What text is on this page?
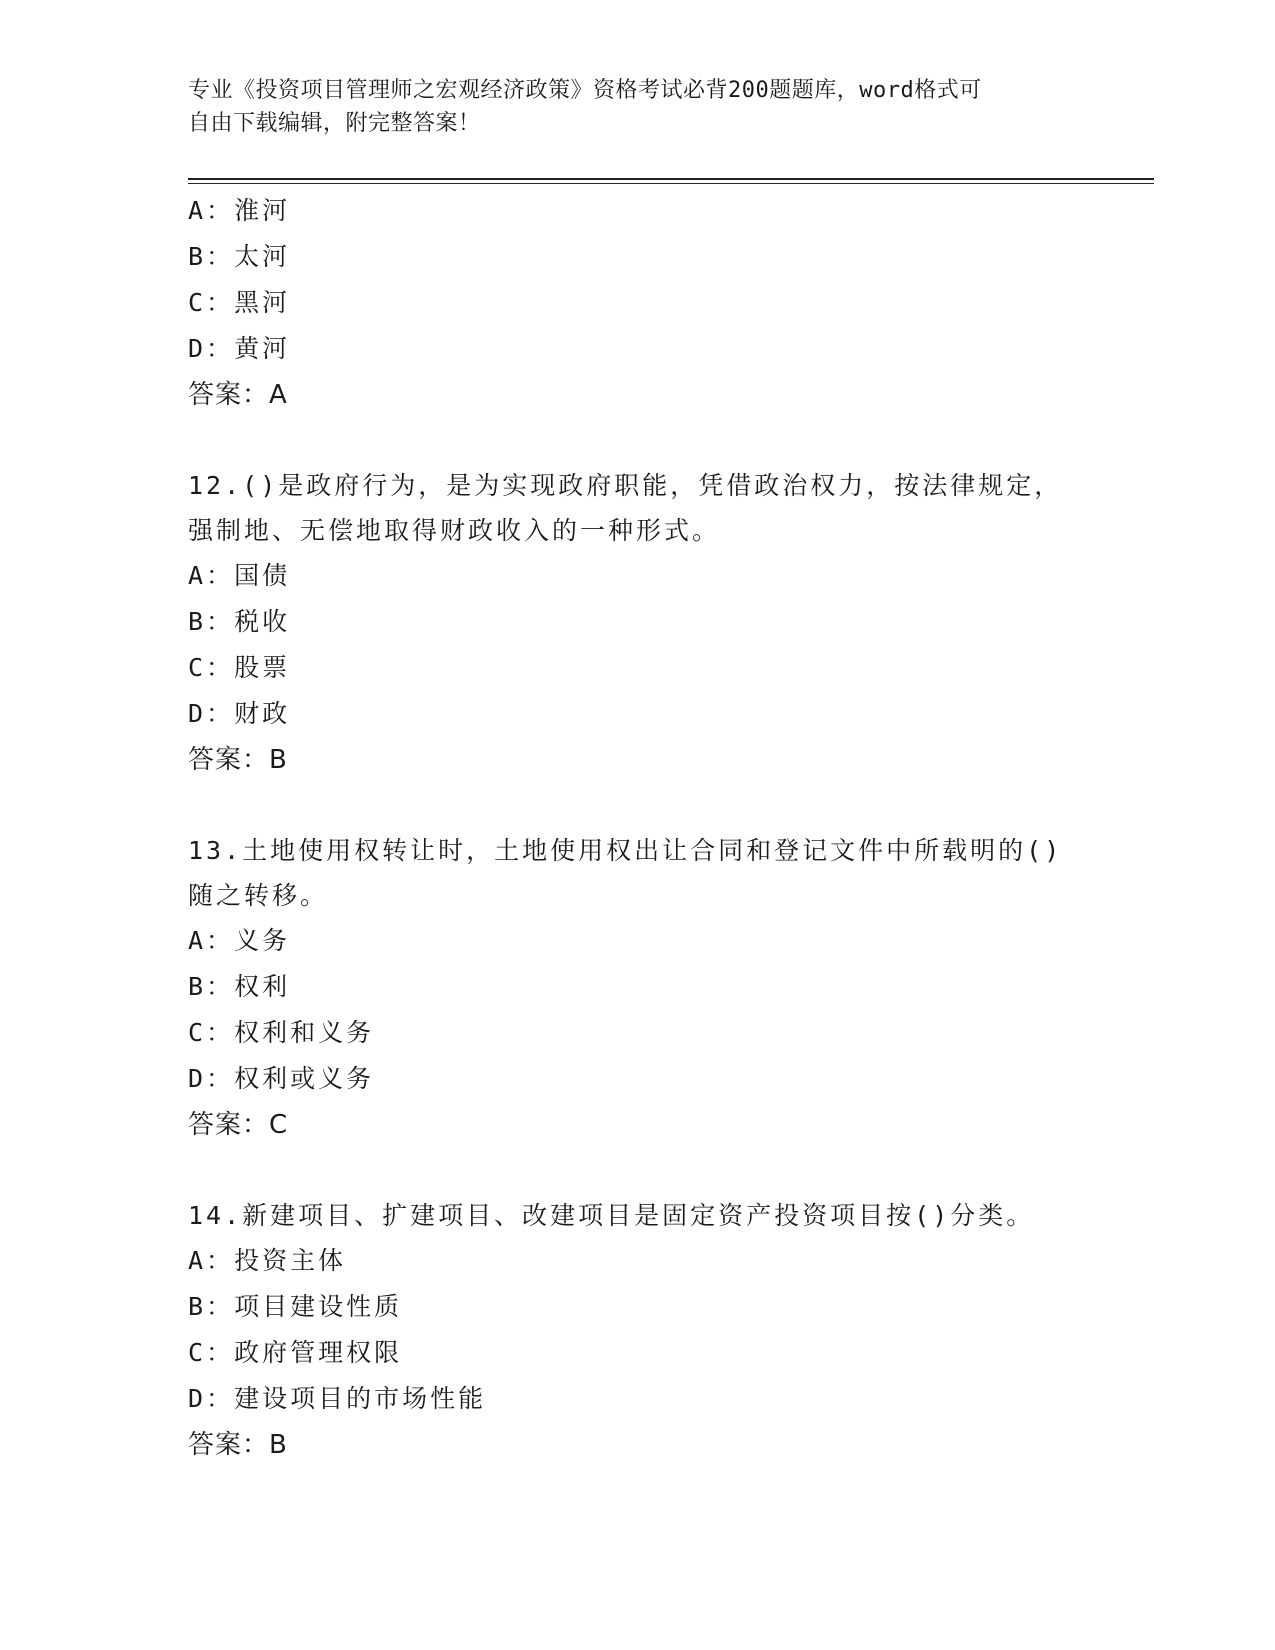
专业《投资项目管理师之宏观经济政策》资格考试必背200题题库，word格式可
自由下载编辑，附完整答案！
A：淮河
B：太河
C：黑河
D：黄河
答案：A
12.()是政府行为，是为实现政府职能，凭借政治权力，按法律规定，
强制地、无偿地取得财政收入的一种形式。
A：国债
B：税收
C：股票
D：财政
答案：B
13.土地使用权转让时，土地使用权出让合同和登记文件中所载明的()
随之转移。
A：义务
B：权利
C：权利和义务
D：权利或义务
答案：C
14.新建项目、扩建项目、改建项目是固定资产投资项目按()分类。
A：投资主体
B：项目建设性质
C：政府管理权限
D：建设项目的市场性能
答案：B
